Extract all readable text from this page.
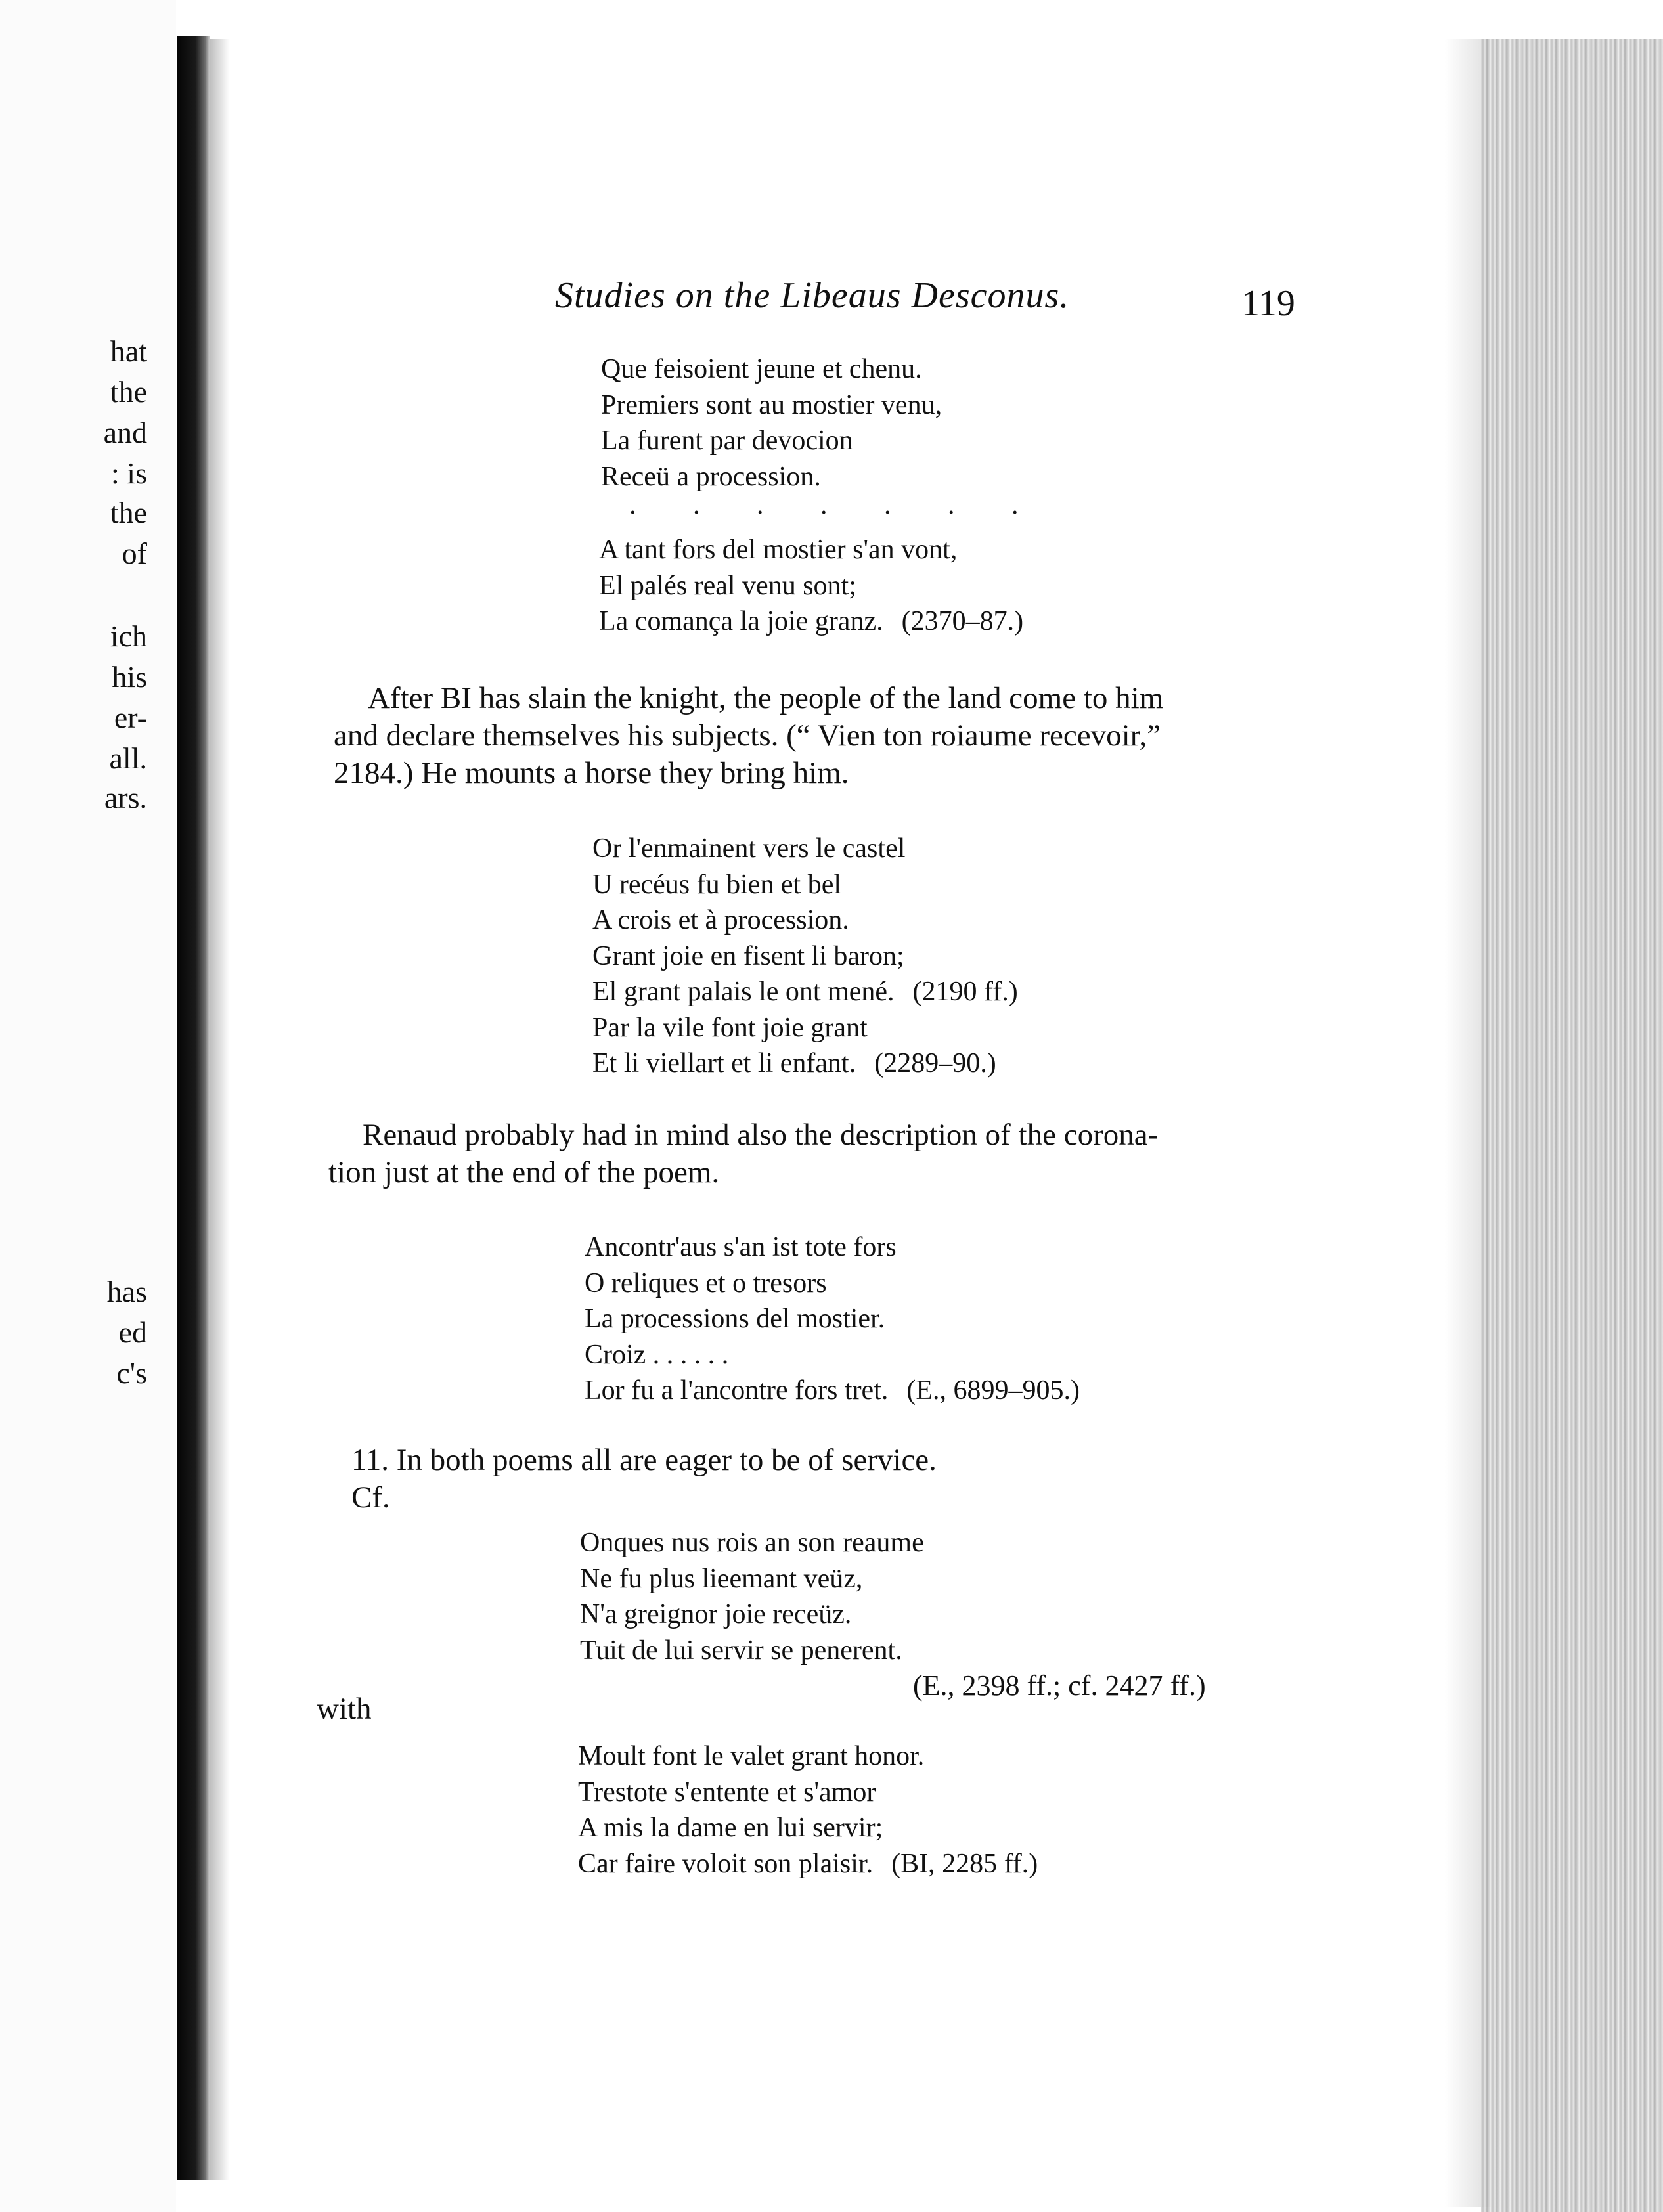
hat
the
and
: is
the
of
ich
his
er-
all.
ars.
has
ed
c's
Studies on the Libeaus Desconus.	119
Que feisoient jeune et chenu.
Premiers sont au mostier venu,
La furent par devocion
Receü a procession.
. . . . . . .
A tant fors del mostier s'an vont,
El palés real venu sont;
La comança la joie granz. (2370–87.)
After BI has slain the knight, the people of the land come to him
and declare themselves his subjects. (“ Vien ton roiaume recevoir,”
2184.) He mounts a horse they bring him.
Or l'enmainent vers le castel
U recéus fu bien et bel
A crois et à procession.
Grant joie en fisent li baron;
El grant palais le ont mené. (2190 ff.)
Par la vile font joie grant
Et li viellart et li enfant. (2289–90.)
Renaud probably had in mind also the description of the corona-
tion just at the end of the poem.
Ancontr'aus s'an ist tote fors
O reliques et o tresors
La processions del mostier.
Croiz . . . . . .
Lor fu a l'ancontre fors tret. (E., 6899–905.)
11. In both poems all are eager to be of service.
Cf.
Onques nus rois an son reaume
Ne fu plus lieemant veüz,
N'a greignor joie receüz.
Tuit de lui servir se penerent.
(E., 2398 ff.; cf. 2427 ff.)
with
Moult font le valet grant honor.
Trestote s'entente et s'amor
A mis la dame en lui servir;
Car faire voloit son plaisir. (BI, 2285 ff.)
